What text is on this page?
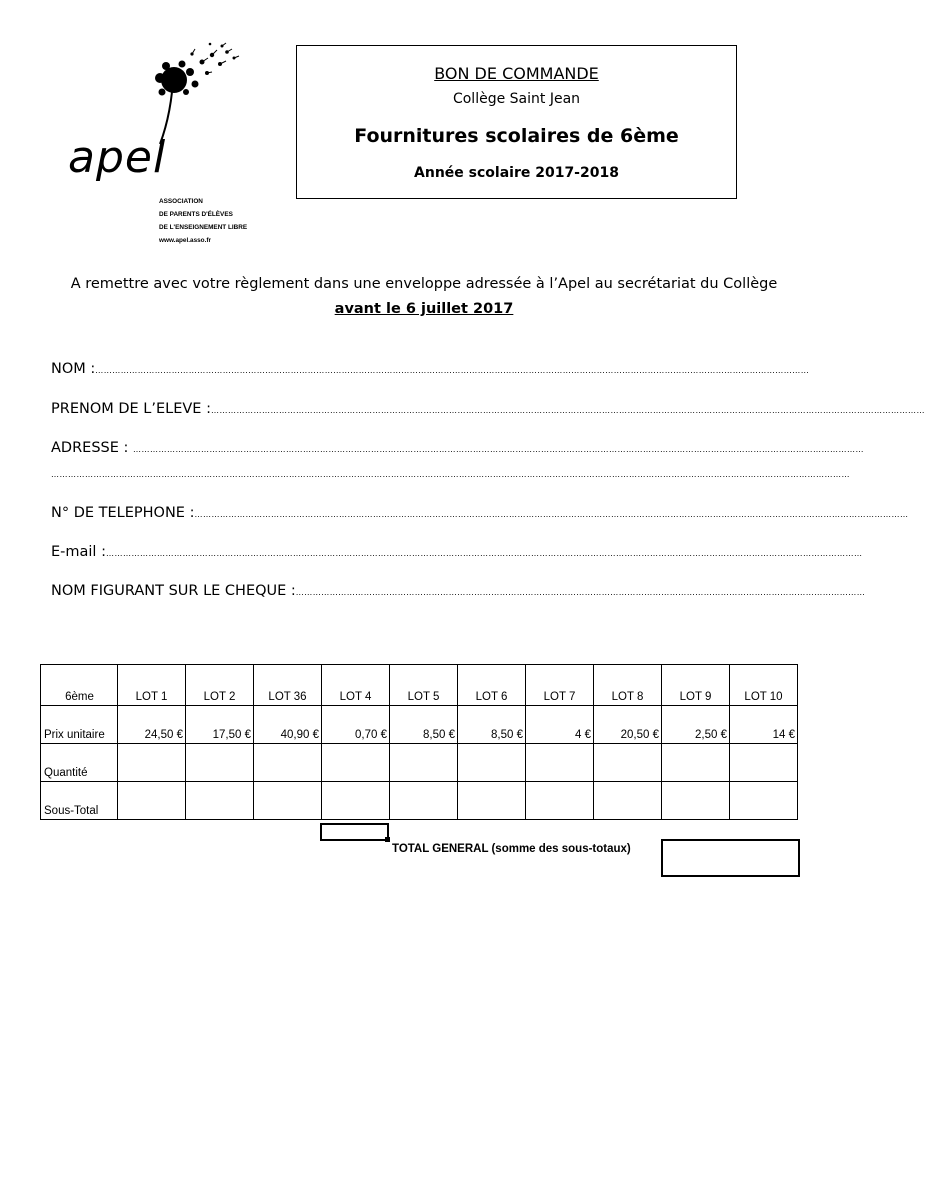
apel
ASSOCIATION
DE PARENTS D'ÉLÈVES
DE L'ENSEIGNEMENT LIBRE
www.apel.asso.fr
BON DE COMMANDE
Collège Saint Jean
Fournitures scolaires de 6ème
Année scolaire 2017-2018
A remettre avec votre règlement dans une enveloppe adressée à l’Apel au secrétariat du Collège
avant le 6 juillet 2017
NOM :………………………………………………………………………………………………………………………………………………………………………………………………………………………………
PRENOM DE L’ELEVE :………………………………………………………………………………………………………………………………………………………………………………………………………………………………
ADRESSE : ……………………………………………………………………………………………………………………………………………………………………………………………………………………………………
…………………………………………………………………………………………………………………………………………………………………………………………………………………………………………………………
N° DE TELEPHONE :………………………………………………………………………………………………………………………………………………………………………………………………………………………………
E-mail :……………………………………………………………………………………………………………………………………………………………………………………………………………………………………………
NOM FIGURANT SUR LE CHEQUE :…………………………………………………………………………………………………………………………………………………………………………………
6ème	LOT 1	LOT 2	LOT 36	LOT 4	LOT 5	LOT 6	LOT 7	LOT 8	LOT 9	LOT 10
Prix unitaire	24,50 €	17,50 €	40,90 €	0,70 €	8,50 €	8,50 €	4 €	20,50 €	2,50 €	14 €
Quantité										
Sous-Total										
TOTAL GENERAL (somme des sous-totaux)
